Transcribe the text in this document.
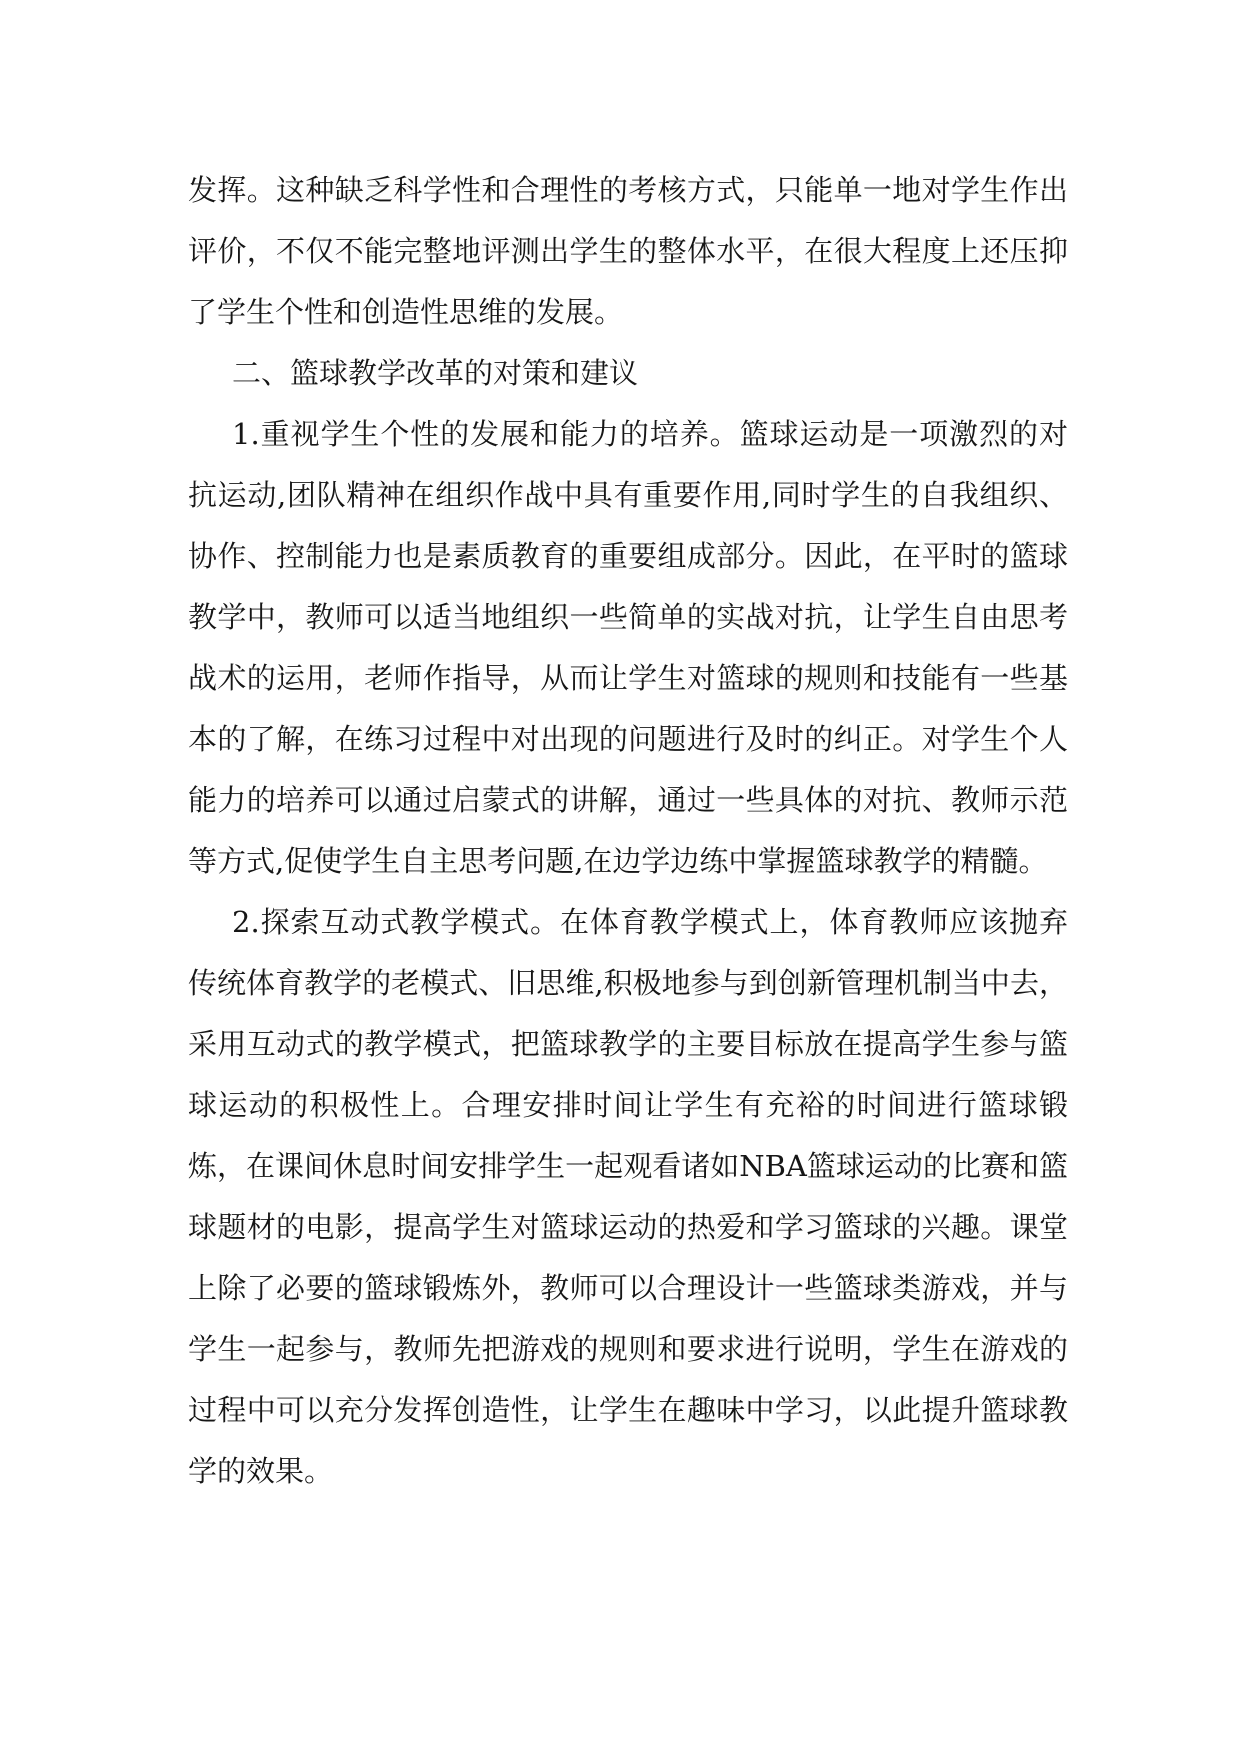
发挥。这种缺乏科学性和合理性的考核方式，只能单一地对学生作出评价，不仅不能完整地评测出学生的整体水平，在很大程度上还压抑了学生个性和创造性思维的发展。

二、篮球教学改革的对策和建议

1.重视学生个性的发展和能力的培养。篮球运动是一项激烈的对抗运动,团队精神在组织作战中具有重要作用,同时学生的自我组织、协作、控制能力也是素质教育的重要组成部分。因此，在平时的篮球教学中，教师可以适当地组织一些简单的实战对抗，让学生自由思考战术的运用，老师作指导，从而让学生对篮球的规则和技能有一些基本的了解，在练习过程中对出现的问题进行及时的纠正。对学生个人能力的培养可以通过启蒙式的讲解，通过一些具体的对抗、教师示范等方式,促使学生自主思考问题,在边学边练中掌握篮球教学的精髓。

2.探索互动式教学模式。在体育教学模式上，体育教师应该抛弃传统体育教学的老模式、旧思维,积极地参与到创新管理机制当中去，采用互动式的教学模式，把篮球教学的主要目标放在提高学生参与篮球运动的积极性上。合理安排时间让学生有充裕的时间进行篮球锻炼，在课间休息时间安排学生一起观看诸如NBA篮球运动的比赛和篮球题材的电影，提高学生对篮球运动的热爱和学习篮球的兴趣。课堂上除了必要的篮球锻炼外，教师可以合理设计一些篮球类游戏，并与学生一起参与，教师先把游戏的规则和要求进行说明，学生在游戏的过程中可以充分发挥创造性，让学生在趣味中学习，以此提升篮球教学的效果。
